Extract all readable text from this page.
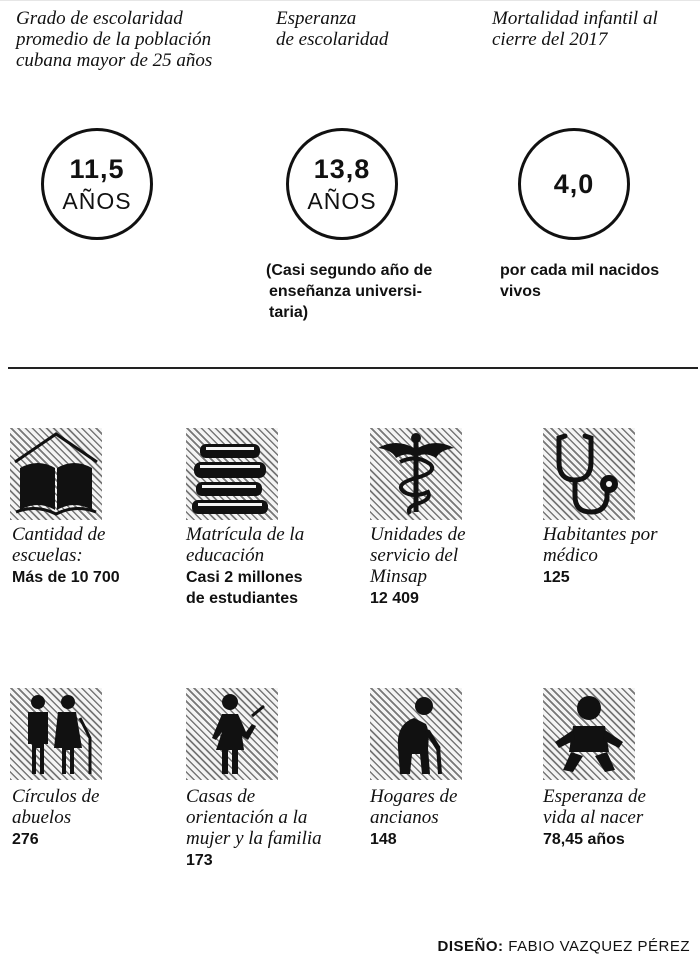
Grado de escolaridad
promedio de la población
cubana mayor de 25 años
Esperanza
de escolaridad
Mortalidad infantil al
cierre del 2017
11,5
AÑOS
13,8
AÑOS
4,0
(Casi segundo año de
enseñanza universi-
taria)
por cada mil nacidos
vivos
Cantidad de
escuelas:
Más de 10 700
Matrícula de la
educación
Casi 2 millones
de estudiantes
Unidades de
servicio del
Minsap
12 409
Habitantes por
médico
125
Círculos de
abuelos
276
Casas de
orientación a la
mujer y la familia
173
Hogares de
ancianos
148
Esperanza de
vida al nacer
78,45 años
DISEÑO: FABIO VAZQUEZ PÉREZ
